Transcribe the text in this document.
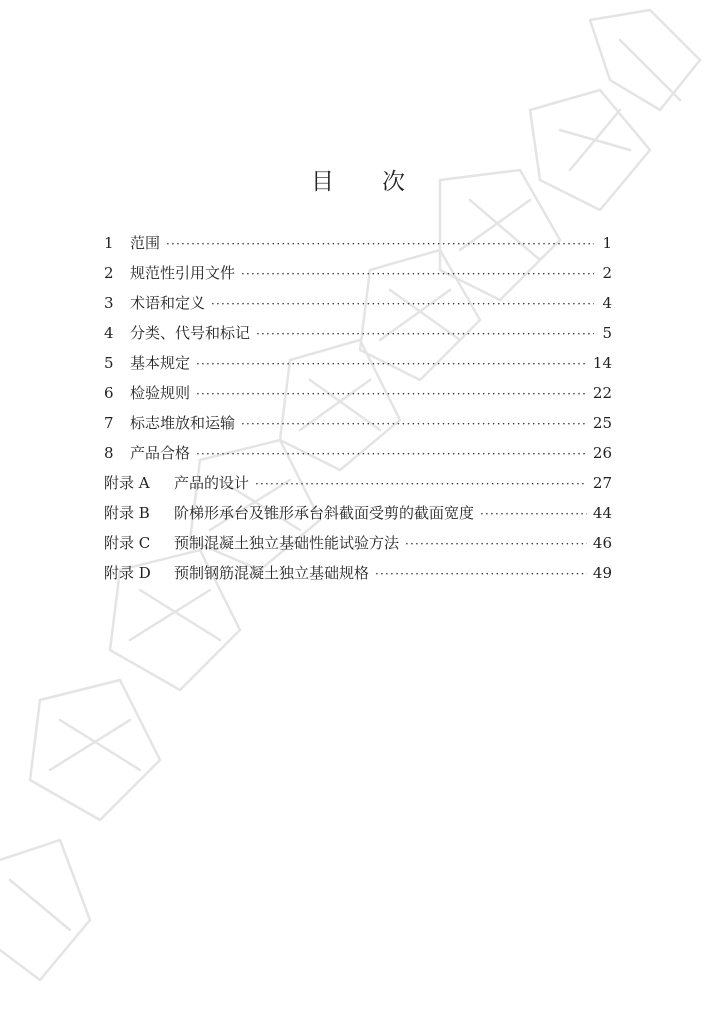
目 次
1	范围 ·····	1
2	规范性引用文件 ·····	2
3	术语和定义 ·····	4
4	分类、代号和标记 ·····	5
5	基本规定 ·····	14
6	检验规则 ·····	22
7	标志堆放和运输 ·····	25
8	产品合格 ·····	26
附录 A	产品的设计 ·····	27
附录 B	阶梯形承台及锥形承台斜截面受剪的截面宽度 ·····	44
附录 C	预制混凝土独立基础性能试验方法 ·····	46
附录 D	预制钢筋混凝土独立基础规格 ·····	49
